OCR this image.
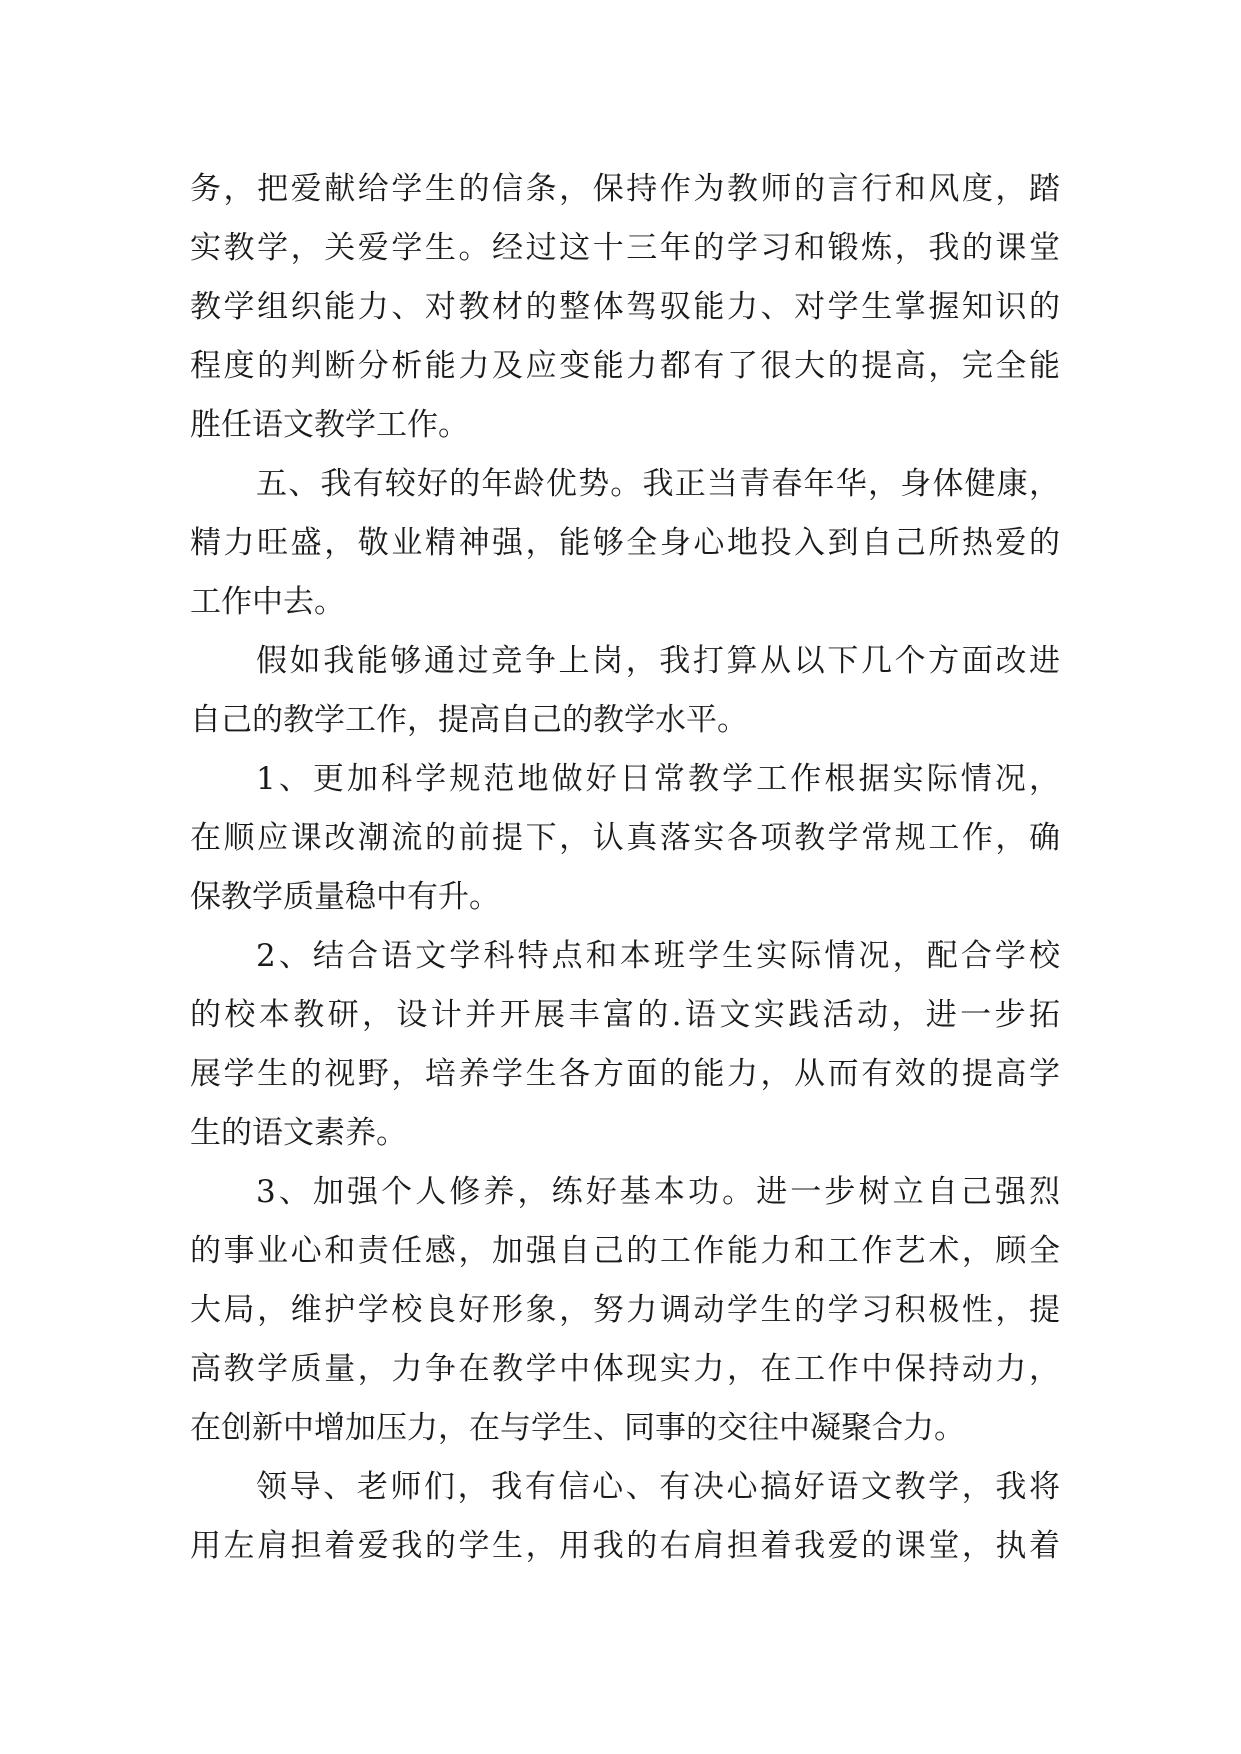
务，把爱献给学生的信条，保持作为教师的言行和风度，踏
实教学，关爱学生。经过这十三年的学习和锻炼，我的课堂
教学组织能力、对教材的整体驾驭能力、对学生掌握知识的
程度的判断分析能力及应变能力都有了很大的提高，完全能
胜任语文教学工作。
五、我有较好的年龄优势。我正当青春年华，身体健康，
精力旺盛，敬业精神强，能够全身心地投入到自己所热爱的
工作中去。
假如我能够通过竞争上岗，我打算从以下几个方面改进
自己的教学工作，提高自己的教学水平。
1、更加科学规范地做好日常教学工作根据实际情况，
在顺应课改潮流的前提下，认真落实各项教学常规工作，确
保教学质量稳中有升。
2、结合语文学科特点和本班学生实际情况，配合学校
的校本教研，设计并开展丰富的.语文实践活动，进一步拓
展学生的视野，培养学生各方面的能力，从而有效的提高学
生的语文素养。
3、加强个人修养，练好基本功。进一步树立自己强烈
的事业心和责任感，加强自己的工作能力和工作艺术，顾全
大局，维护学校良好形象，努力调动学生的学习积极性，提
高教学质量，力争在教学中体现实力，在工作中保持动力，
在创新中增加压力，在与学生、同事的交往中凝聚合力。
领导、老师们，我有信心、有决心搞好语文教学，我将
用左肩担着爱我的学生，用我的右肩担着我爱的课堂，执着
